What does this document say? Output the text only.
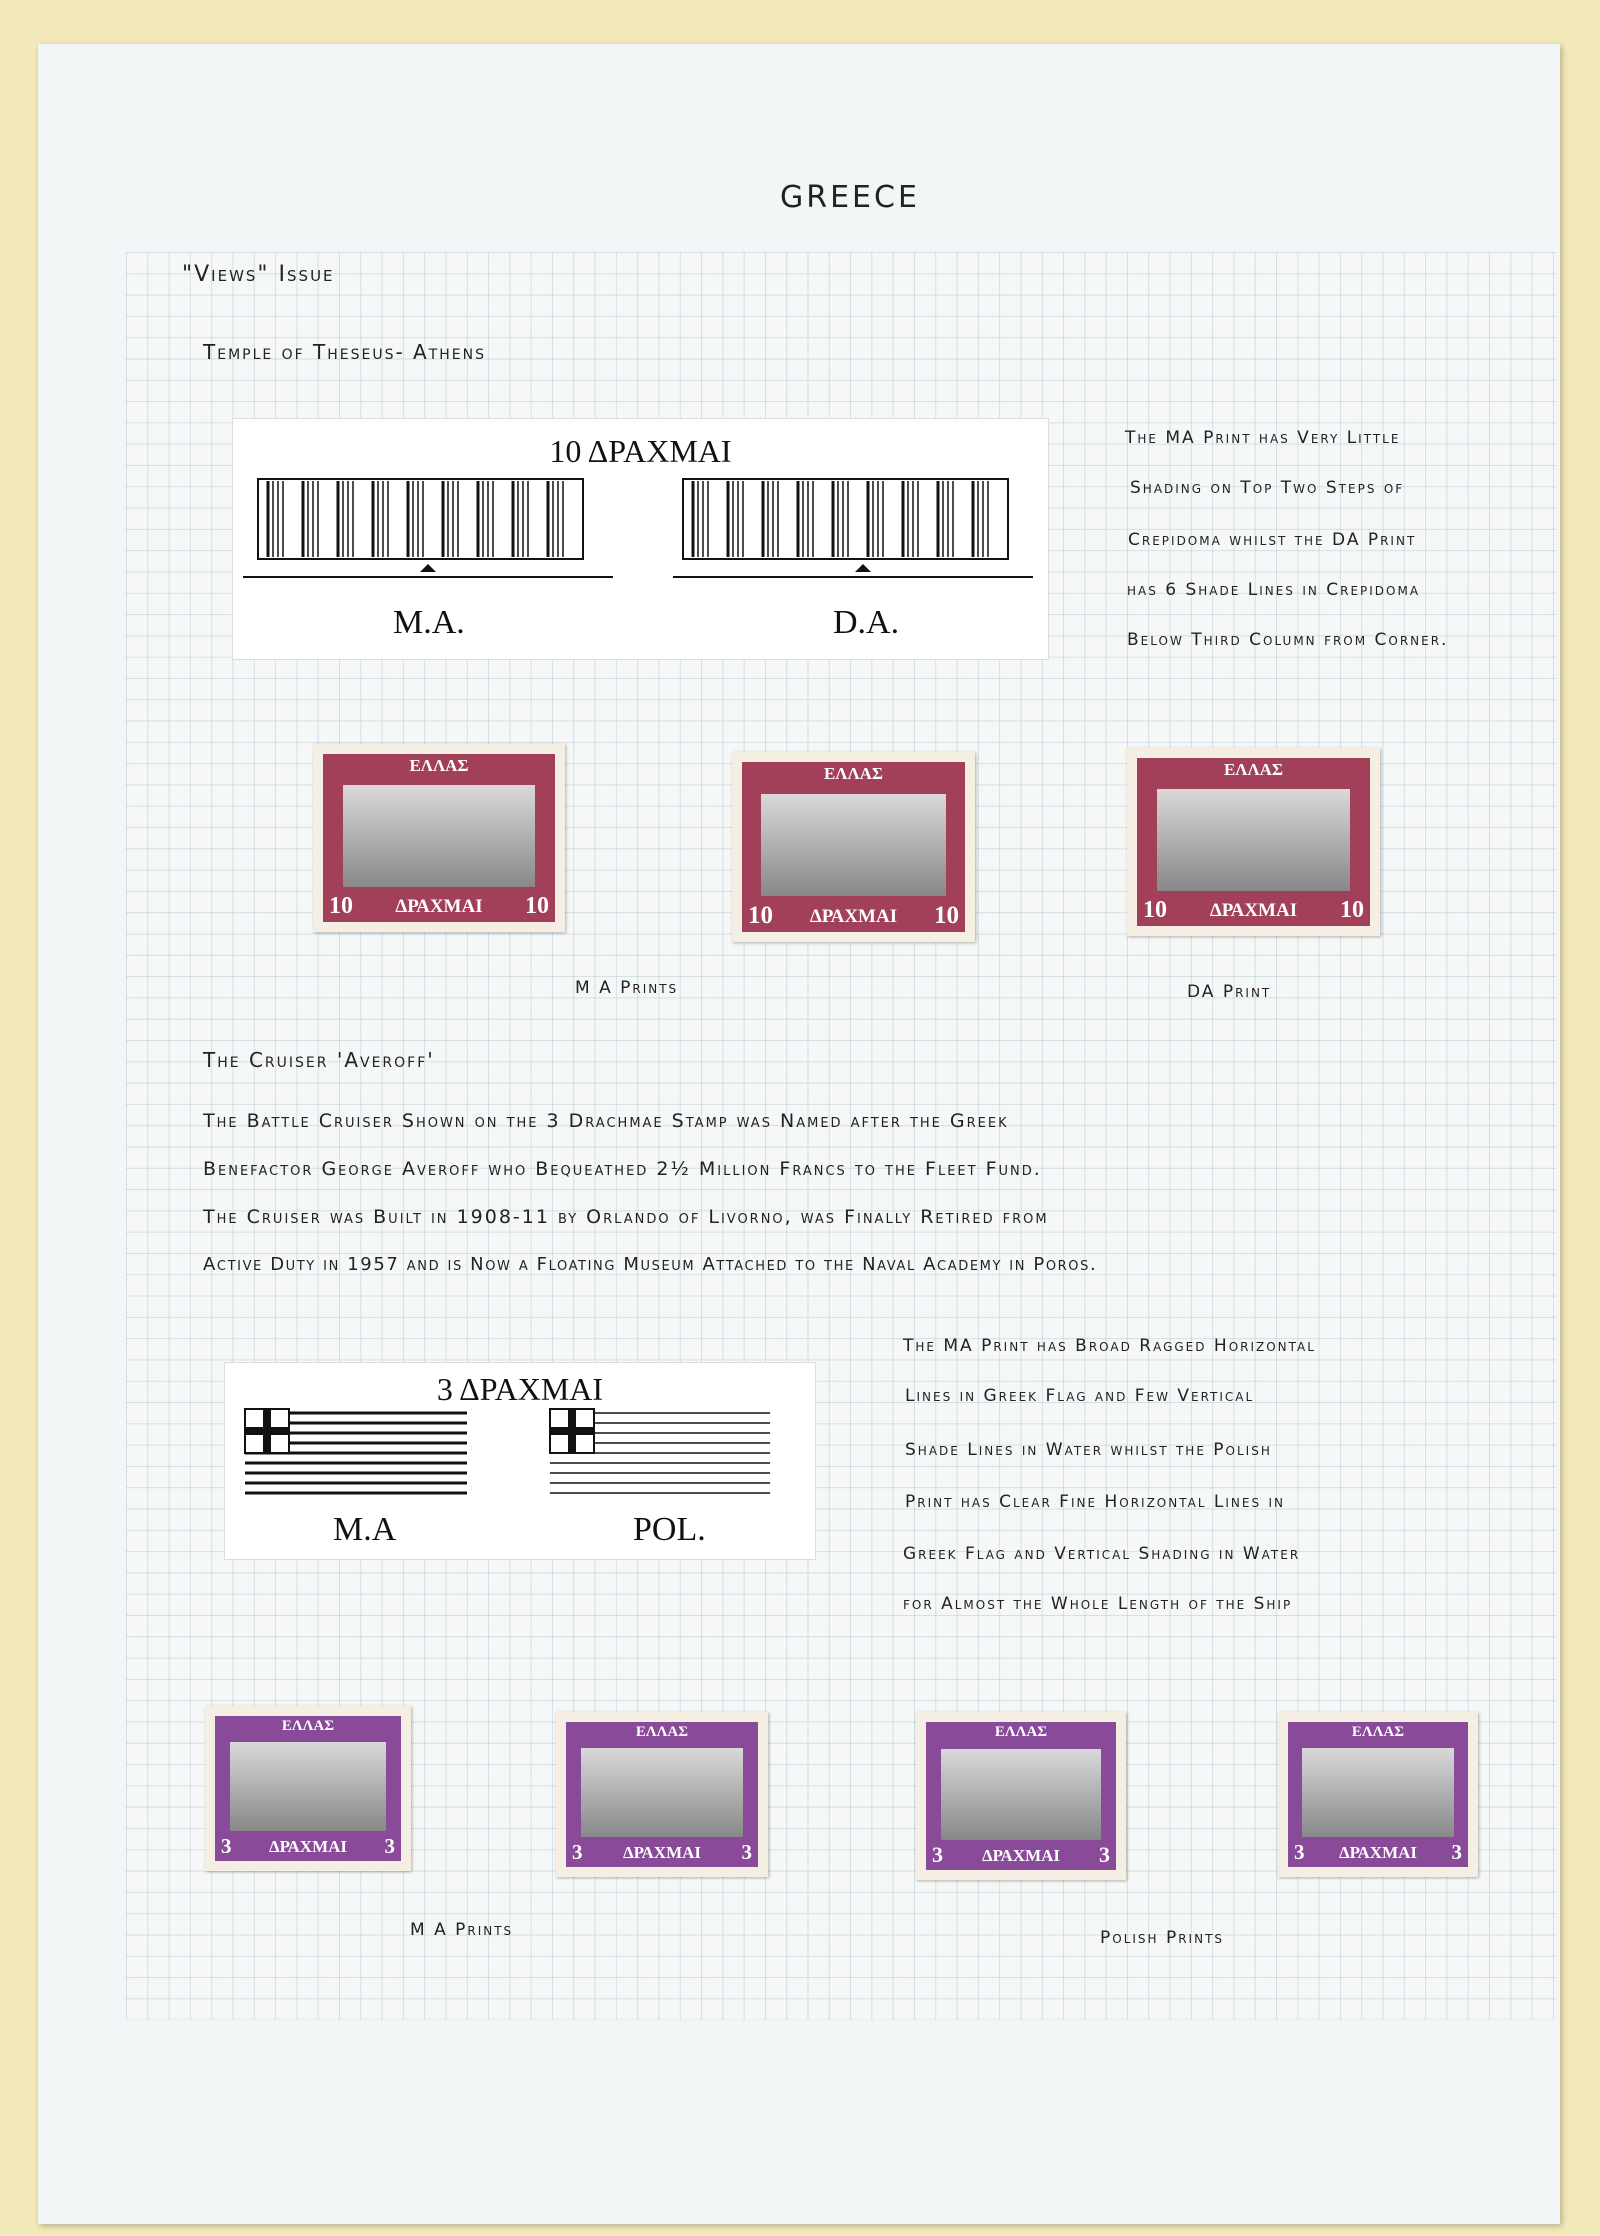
GREECE
"Views" Issue
Temple of Theseus- Athens
10 ΔΡΑΧΜΑΙ
M.A.	D.A.
The MA Print has Very Little
Shading on Top Two Steps of
Crepidoma whilst the DA Print
has 6 Shade Lines in Crepidoma
Below Third Column from Corner.
ΕΛΛΑΣ
ΔΡΑΧΜΑΙ
10	10
ΕΛΛΑΣ
ΔΡΑΧΜΑΙ
10	10
ΕΛΛΑΣ
ΔΡΑΧΜΑΙ
10	10
M A Prints	DA Print
The Cruiser 'Averoff'
The Battle Cruiser Shown on the 3 Drachmae Stamp was Named after the Greek
Benefactor George Averoff who Bequeathed 2½ Million Francs to the Fleet Fund.
The Cruiser was Built in 1908-11 by Orlando of Livorno, was Finally Retired from
Active Duty in 1957 and is Now a Floating Museum Attached to the Naval Academy in Poros.
3 ΔΡΑΧΜΑΙ
M.A	POL.
The MA Print has Broad Ragged Horizontal
Lines in Greek Flag and Few Vertical
Shade Lines in Water whilst the Polish
Print has Clear Fine Horizontal Lines in
Greek Flag and Vertical Shading in Water
for Almost the Whole Length of the Ship
ΕΛΛΑΣ
ΔΡΑΧΜΑΙ
3	3
ΕΛΛΑΣ
ΔΡΑΧΜΑΙ
3	3
ΕΛΛΑΣ
ΔΡΑΧΜΑΙ
3	3
ΕΛΛΑΣ
ΔΡΑΧΜΑΙ
3	3
M A Prints	Polish Prints
